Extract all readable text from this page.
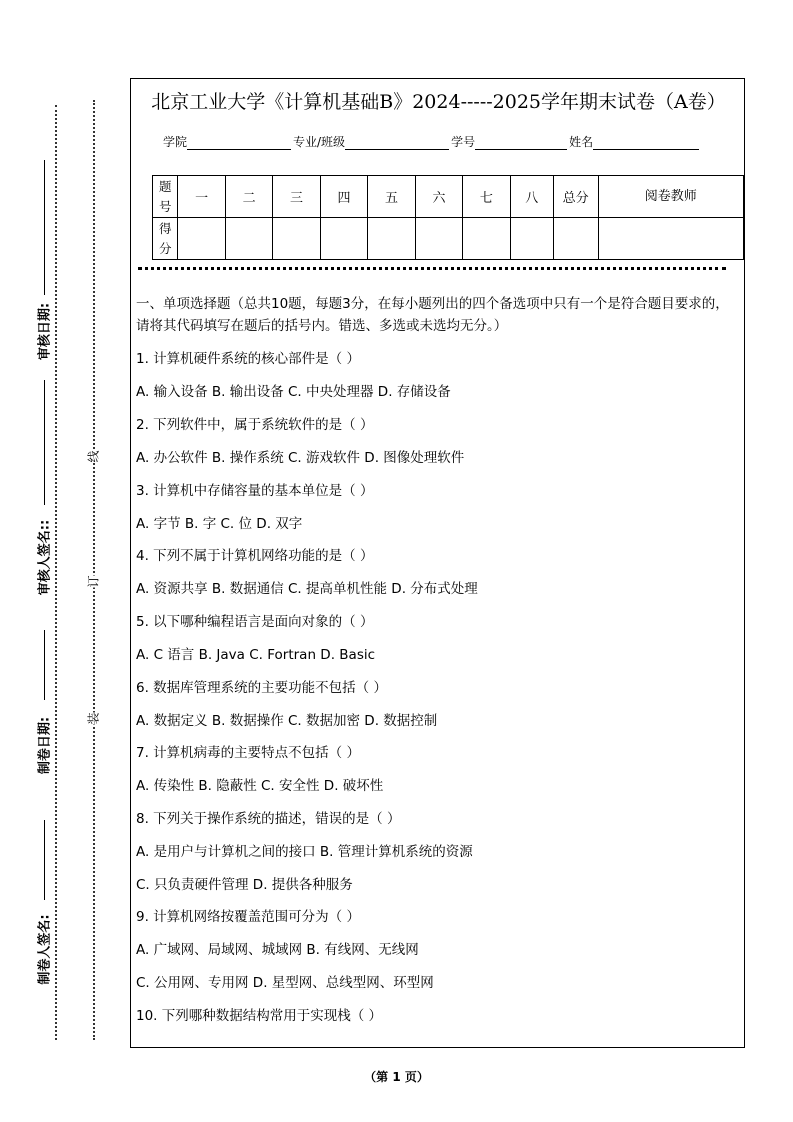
审核日期:
审核人签名::
制卷日期:
制卷人签名:
线
订
装
北京工业大学《计算机基础B》2024-----2025学年期末试卷（A卷）
学院	专业/班级	学号	姓名
题号	一	二	三	四	五	六	七	八	总分	阅卷教师
得分										
一、单项选择题（总共10题，每题3分，在每小题列出的四个备选项中只有一个是符合题目要求的，请将其代码填写在题后的括号内。错选、多选或未选均无分。）
1. 计算机硬件系统的核心部件是（ ）
A. 输入设备 B. 输出设备 C. 中央处理器 D. 存储设备
2. 下列软件中，属于系统软件的是（ ）
A. 办公软件 B. 操作系统 C. 游戏软件 D. 图像处理软件
3. 计算机中存储容量的基本单位是（ ）
A. 字节 B. 字 C. 位 D. 双字
4. 下列不属于计算机网络功能的是（ ）
A. 资源共享 B. 数据通信 C. 提高单机性能 D. 分布式处理
5. 以下哪种编程语言是面向对象的（ ）
A. C 语言 B. Java C. Fortran D. Basic
6. 数据库管理系统的主要功能不包括（ ）
A. 数据定义 B. 数据操作 C. 数据加密 D. 数据控制
7. 计算机病毒的主要特点不包括（ ）
A. 传染性 B. 隐蔽性 C. 安全性 D. 破坏性
8. 下列关于操作系统的描述，错误的是（ ）
A. 是用户与计算机之间的接口 B. 管理计算机系统的资源
C. 只负责硬件管理 D. 提供各种服务
9. 计算机网络按覆盖范围可分为（ ）
A. 广域网、局域网、城域网 B. 有线网、无线网
C. 公用网、专用网 D. 星型网、总线型网、环型网
10. 下列哪种数据结构常用于实现栈（ ）
（第 1 页）
